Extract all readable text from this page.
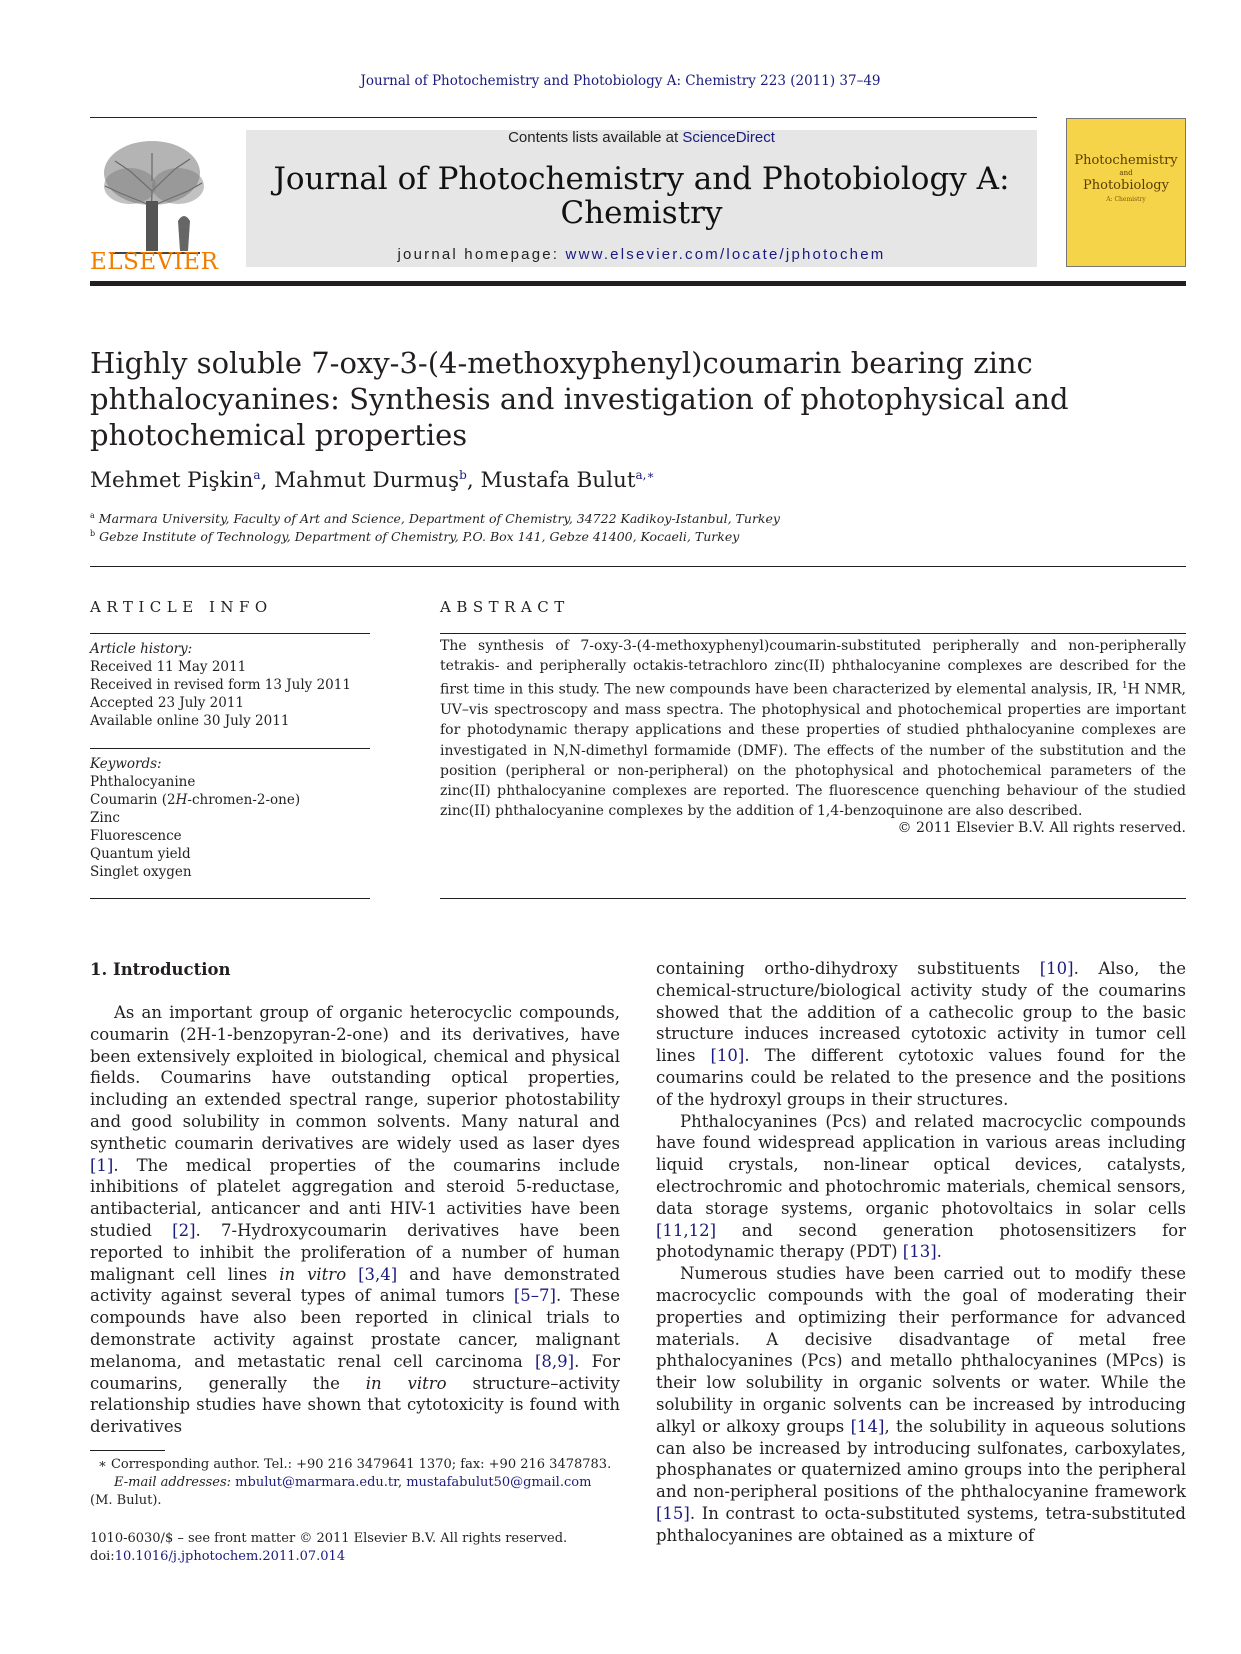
Journal of Photochemistry and Photobiology A: Chemistry 223 (2011) 37–49
ELSEVIER
Contents lists available at ScienceDirect
Journal of Photochemistry and Photobiology A:
Chemistry
journal homepage: www.elsevier.com/locate/jphotochem
Photochemistry
and
Photobiology
A: Chemistry
Highly soluble 7-oxy-3-(4-methoxyphenyl)coumarin bearing zinc
phthalocyanines: Synthesis and investigation of photophysical and
photochemical properties
Mehmet Pişkin$^a$, Mahmut Durmuş$^b$, Mustafa Bulut$^{a,∗}$
$^a$ Marmara University, Faculty of Art and Science, Department of Chemistry, 34722 Kadikoy-Istanbul, Turkey
$^b$ Gebze Institute of Technology, Department of Chemistry, P.O. Box 141, Gebze 41400, Kocaeli, Turkey
ARTICLE INFO
Article history:
Received 11 May 2011
Received in revised form 13 July 2011
Accepted 23 July 2011
Available online 30 July 2011
Keywords:
Phthalocyanine
Coumarin (2H-chromen-2-one)
Zinc
Fluorescence
Quantum yield
Singlet oxygen
ABSTRACT
The synthesis of 7-oxy-3-(4-methoxyphenyl)coumarin-substituted peripherally and non-peripherally tetrakis- and peripherally octakis-tetrachloro zinc(II) phthalocyanine complexes are described for the first time in this study. The new compounds have been characterized by elemental analysis, IR, $^1$H NMR, UV–vis spectroscopy and mass spectra. The photophysical and photochemical properties are important for photodynamic therapy applications and these properties of studied phthalocyanine complexes are investigated in N,N-dimethyl formamide (DMF). The effects of the number of the substitution and the position (peripheral or non-peripheral) on the photophysical and photochemical parameters of the zinc(II) phthalocyanine complexes are reported. The fluorescence quenching behaviour of the studied zinc(II) phthalocyanine complexes by the addition of 1,4-benzoquinone are also described.
© 2011 Elsevier B.V. All rights reserved.
1. Introduction

As an important group of organic heterocyclic compounds, coumarin (2H-1-benzopyran-2-one) and its derivatives, have been extensively exploited in biological, chemical and physical fields. Coumarins have outstanding optical properties, including an extended spectral range, superior photostability and good solubility in common solvents. Many natural and synthetic coumarin derivatives are widely used as laser dyes [1]. The medical properties of the coumarins include inhibitions of platelet aggregation and steroid 5-reductase, antibacterial, anticancer and anti HIV-1 activities have been studied [2]. 7-Hydroxycoumarin derivatives have been reported to inhibit the proliferation of a number of human malignant cell lines in vitro [3,4] and have demonstrated activity against several types of animal tumors [5–7]. These compounds have also been reported in clinical trials to demonstrate activity against prostate cancer, malignant melanoma, and metastatic renal cell carcinoma [8,9]. For coumarins, generally the in vitro structure–activity relationship studies have shown that cytotoxicity is found with derivatives

containing ortho-dihydroxy substituents [10]. Also, the chemical-structure/biological activity study of the coumarins showed that the addition of a cathecolic group to the basic structure induces increased cytotoxic activity in tumor cell lines [10]. The different cytotoxic values found for the coumarins could be related to the presence and the positions of the hydroxyl groups in their structures.

Phthalocyanines (Pcs) and related macrocyclic compounds have found widespread application in various areas including liquid crystals, non-linear optical devices, catalysts, electrochromic and photochromic materials, chemical sensors, data storage systems, organic photovoltaics in solar cells [11,12] and second generation photosensitizers for photodynamic therapy (PDT) [13].

Numerous studies have been carried out to modify these macrocyclic compounds with the goal of moderating their properties and optimizing their performance for advanced materials. A decisive disadvantage of metal free phthalocyanines (Pcs) and metallo phthalocyanines (MPcs) is their low solubility in organic solvents or water. While the solubility in organic solvents can be increased by introducing alkyl or alkoxy groups [14], the solubility in aqueous solutions can also be increased by introducing sulfonates, carboxylates, phosphanates or quaternized amino groups into the peripheral and non-peripheral positions of the phthalocyanine framework [15]. In contrast to octa-substituted systems, tetra-substituted phthalocyanines are obtained as a mixture of

∗ Corresponding author. Tel.: +90 216 3479641 1370; fax: +90 216 3478783.
E-mail addresses: mbulut@marmara.edu.tr, mustafabulut50@gmail.com
(M. Bulut).
1010-6030/$ – see front matter © 2011 Elsevier B.V. All rights reserved.
doi:10.1016/j.jphotochem.2011.07.014
